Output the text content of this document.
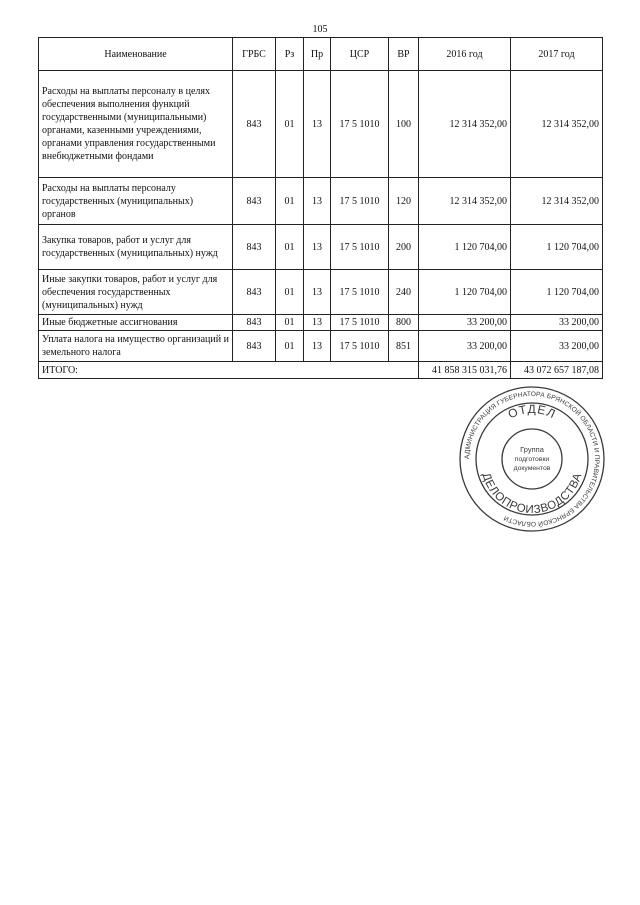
105
Наименование	ГРБС	Рз	Пр	ЦСР	ВР	2016 год	2017 год
Расходы на выплаты персоналу в целях обеспечения выполнения функций государственными (муниципальными) органами, казенными учреждениями, органами управления государственными внебюджетными фондами	843	01	13	17 5 1010	100	12 314 352,00	12 314 352,00
Расходы на выплаты персоналу государственных (муниципальных) органов	843	01	13	17 5 1010	120	12 314 352,00	12 314 352,00
Закупка товаров, работ и услуг для государственных (муниципальных) нужд	843	01	13	17 5 1010	200	1 120 704,00	1 120 704,00
Иные закупки товаров, работ и услуг для обеспечения государственных (муниципальных) нужд	843	01	13	17 5 1010	240	1 120 704,00	1 120 704,00
Иные бюджетные ассигнования	843	01	13	17 5 1010	800	33 200,00	33 200,00
Уплата налога на имущество организаций и земельного налога	843	01	13	17 5 1010	851	33 200,00	33 200,00
ИТОГО:						41 858 315 031,76	43 072 657 187,08
АДМИНИСТРАЦИЯ ГУБЕРНАТОРА БРЯНСКОЙ ОБЛАСТИ И ПРАВИТЕЛЬСТВА БРЯНСКОЙ ОБЛАСТИ
ОТДЕЛ
ДЕЛОПРОИЗВОДСТВА
Группа
подготовки
документов
